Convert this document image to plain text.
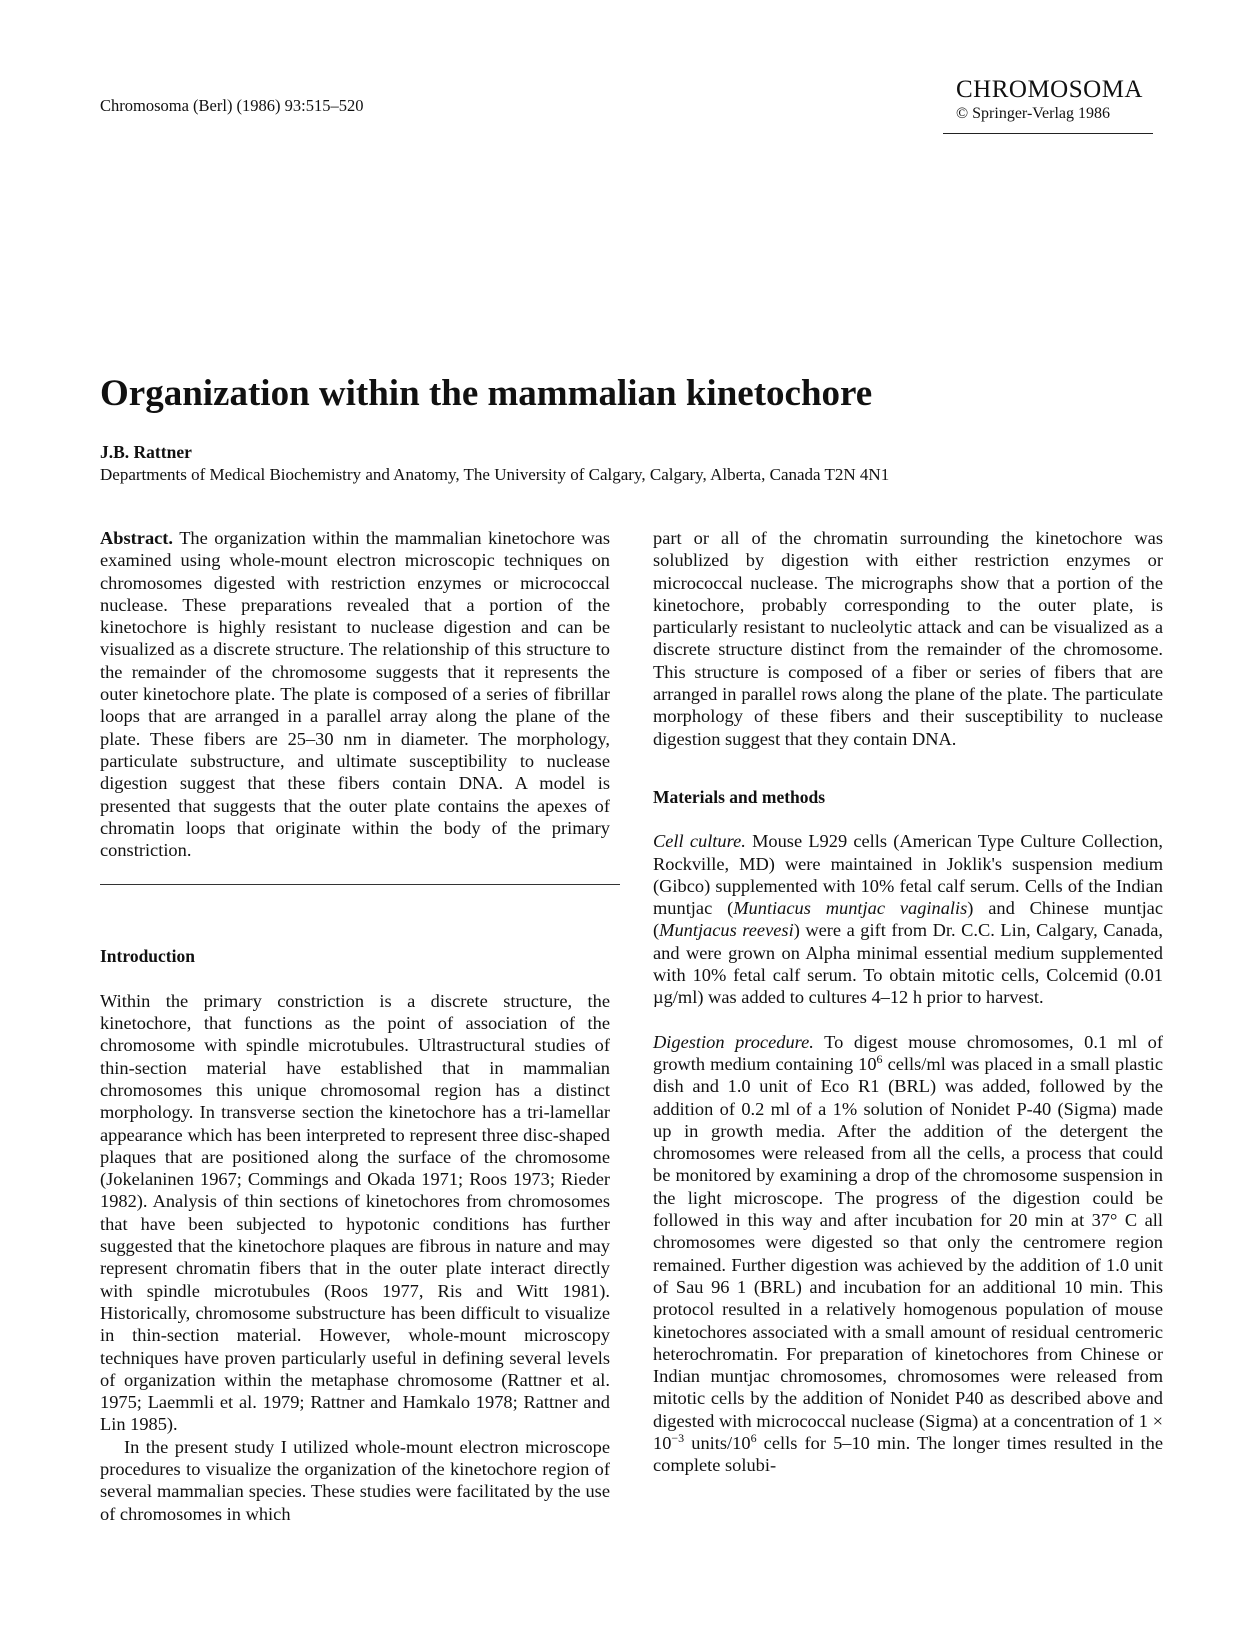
Chromosoma (Berl) (1986) 93:515–520
CHROMOSOMA
© Springer-Verlag 1986
Organization within the mammalian kinetochore
J.B. Rattner
Departments of Medical Biochemistry and Anatomy, The University of Calgary, Calgary, Alberta, Canada T2N 4N1

Abstract. The organization within the mammalian kinetochore was examined using whole-mount electron microscopic techniques on chromosomes digested with restriction enzymes or micrococcal nuclease. These preparations revealed that a portion of the kinetochore is highly resistant to nuclease digestion and can be visualized as a discrete structure. The relationship of this structure to the remainder of the chromosome suggests that it represents the outer kinetochore plate. The plate is composed of a series of fibrillar loops that are arranged in a parallel array along the plane of the plate. These fibers are 25–30 nm in diameter. The morphology, particulate substructure, and ultimate susceptibility to nuclease digestion suggest that these fibers contain DNA. A model is presented that suggests that the outer plate contains the apexes of chromatin loops that originate within the body of the primary constriction.

Introduction

Within the primary constriction is a discrete structure, the kinetochore, that functions as the point of association of the chromosome with spindle microtubules. Ultrastructural studies of thin-section material have established that in mammalian chromosomes this unique chromosomal region has a distinct morphology. In transverse section the kinetochore has a tri-lamellar appearance which has been interpreted to represent three disc-shaped plaques that are positioned along the surface of the chromosome (Jokelaninen 1967; Commings and Okada 1971; Roos 1973; Rieder 1982). Analysis of thin sections of kinetochores from chromosomes that have been subjected to hypotonic conditions has further suggested that the kinetochore plaques are fibrous in nature and may represent chromatin fibers that in the outer plate interact directly with spindle microtubules (Roos 1977, Ris and Witt 1981). Historically, chromosome substructure has been difficult to visualize in thin-section material. However, whole-mount microscopy techniques have proven particularly useful in defining several levels of organization within the metaphase chromosome (Rattner et al. 1975; Laemmli et al. 1979; Rattner and Hamkalo 1978; Rattner and Lin 1985).

In the present study I utilized whole-mount electron microscope procedures to visualize the organization of the kinetochore region of several mammalian species. These studies were facilitated by the use of chromosomes in which

part or all of the chromatin surrounding the kinetochore was solublized by digestion with either restriction enzymes or micrococcal nuclease. The micrographs show that a portion of the kinetochore, probably corresponding to the outer plate, is particularly resistant to nucleolytic attack and can be visualized as a discrete structure distinct from the remainder of the chromosome. This structure is composed of a fiber or series of fibers that are arranged in parallel rows along the plane of the plate. The particulate morphology of these fibers and their susceptibility to nuclease digestion suggest that they contain DNA.

Materials and methods

Cell culture. Mouse L929 cells (American Type Culture Collection, Rockville, MD) were maintained in Joklik's suspension medium (Gibco) supplemented with 10% fetal calf serum. Cells of the Indian muntjac (Muntiacus muntjac vaginalis) and Chinese muntjac (Muntjacus reevesi) were a gift from Dr. C.C. Lin, Calgary, Canada, and were grown on Alpha minimal essential medium supplemented with 10% fetal calf serum. To obtain mitotic cells, Colcemid (0.01 µg/ml) was added to cultures 4–12 h prior to harvest.

Digestion procedure. To digest mouse chromosomes, 0.1 ml of growth medium containing $10^6$ cells/ml was placed in a small plastic dish and 1.0 unit of Eco R1 (BRL) was added, followed by the addition of 0.2 ml of a 1% solution of Nonidet P-40 (Sigma) made up in growth media. After the addition of the detergent the chromosomes were released from all the cells, a process that could be monitored by examining a drop of the chromosome suspension in the light microscope. The progress of the digestion could be followed in this way and after incubation for 20 min at 37° C all chromosomes were digested so that only the centromere region remained. Further digestion was achieved by the addition of 1.0 unit of Sau 96 1 (BRL) and incubation for an additional 10 min. This protocol resulted in a relatively homogenous population of mouse kinetochores associated with a small amount of residual centromeric heterochromatin. For preparation of kinetochores from Chinese or Indian muntjac chromosomes, chromosomes were released from mitotic cells by the addition of Nonidet P40 as described above and digested with micrococcal nuclease (Sigma) at a concentration of $1 \times 10^{-3}$ units/$10^6$ cells for 5–10 min. The longer times resulted in the complete solubi-
